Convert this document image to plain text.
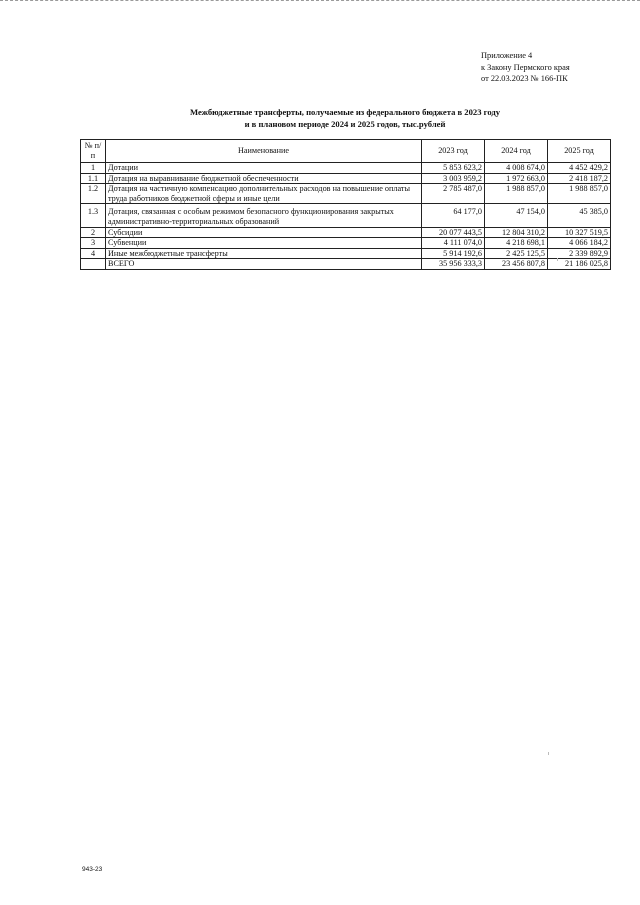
Приложение 4
к Закону Пермского края
от 22.03.2023 № 166-ПК
Межбюджетные трансферты, получаемые из федерального бюджета в 2023 году
и в плановом периоде 2024 и 2025 годов, тыс.рублей
№ п/п	Наименование	2023 год	2024 год	2025 год
1	Дотации	5 853 623,2	4 008 674,0	4 452 429,2
1.1	Дотация на выравнивание бюджетной обеспеченности	3 003 959,2	1 972 663,0	2 418 187,2
1.2	Дотация на частичную компенсацию дополнительных расходов на повышение оплаты труда работников бюджетной сферы и иные цели	2 785 487,0	1 988 857,0	1 988 857,0
1.3	Дотация, связанная с особым режимом безопасного функционирования закрытых административно-территориальных образований	64 177,0	47 154,0	45 385,0
2	Субсидии	20 077 443,5	12 804 310,2	10 327 519,5
3	Субвенции	4 111 074,0	4 218 698,1	4 066 184,2
4	Иные межбюджетные трансферты	5 914 192,6	2 425 125,5	2 339 892,9
	ВСЕГО	35 956 333,3	23 456 807,8	21 186 025,8
943-23
